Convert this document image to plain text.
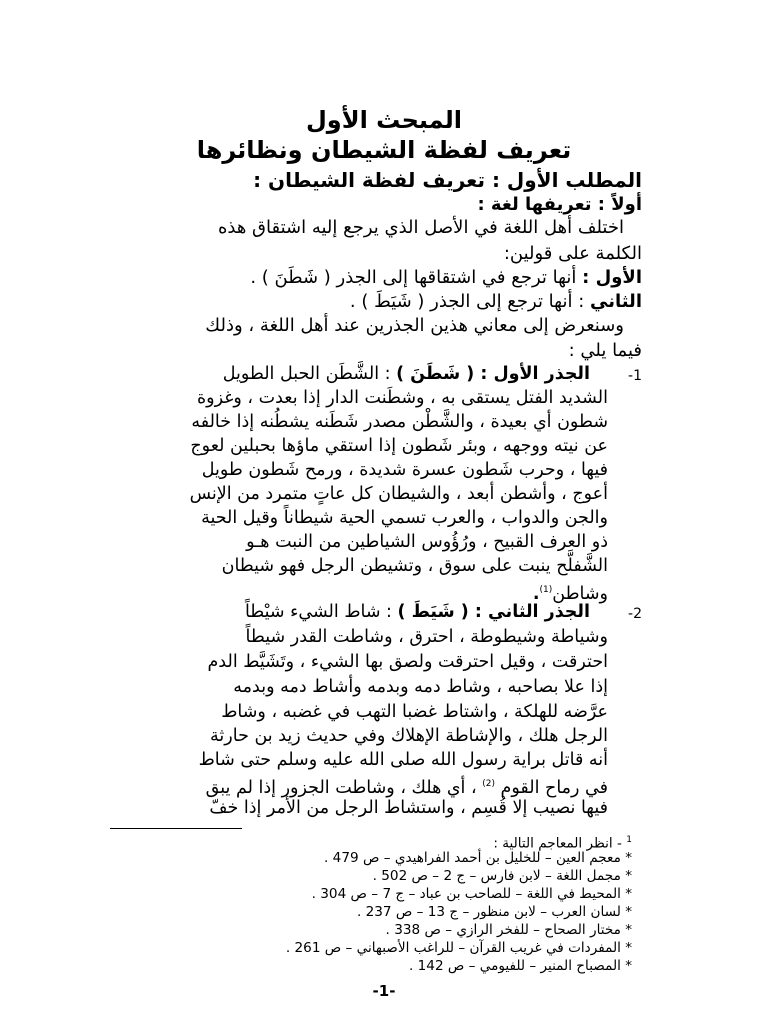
المبحث الأول
تعريف لفظة الشيطان ونظائرها
المطلب الأول : تعريف لفظة الشيطان :
أولاً : تعريفها لغة :
اختلف أهل اللغة في الأصل الذي يرجع إليه اشتقاق هذه
الكلمة على قولين:
الأول : أنها ترجع في اشتقاقها إلى الجذر ( شَطَنَ ) .
الثاني : أنها ترجع إلى الجذر ( شَيَطَ ) .
وسنعرض إلى معاني هذين الجذرين عند أهل اللغة ، وذلك
فيما يلي :
-1
الجذر الأول : ( شَطَنَ ) : الشَّطَن الحبل الطويل
الشديد الفتل يستقى به ، وشطَنت الدار إذا بعدت ، وغزوة
شطون أي بعيدة ، والشَّطْن مصدر شَطَنه يشطُنه إذا خالفه
عن نيته ووجهه ، وبئر شَطون إذا استقي ماؤها بحبلين لعوج
فيها ، وحرب شَطون عسرة شديدة ، ورمح شَطون طويل
أعوج ، وأشطن أبعد ، والشيطان كل عاتٍ متمرد من الإنس
والجن والدواب ، والعرب تسمي الحية شيطاناً وقيل الحية
ذو العرف القبيح ، ورُؤُوس الشياطين من النبت هـو
الشَّفلَّح ينبت على سوق ، وتشيطن الرجل فهو شيطان
وشاطن$^{(1)}$.
-2
الجذر الثاني : ( شَيَطَ ) : شاط الشيء شيْطاً
وشياطة وشيطوطة ، احترق ، وشاطت القدر شيطاً
احترقت ، وقيل احترقت ولصق بها الشيء ، وتَشَيَّط الدم
إذا علا بصاحبه ، وشاط دمه وبدمه وأشاط دمه وبدمه
عرَّضه للهلكة ، واشتاط غضبا التهب في غضبه ، وشاط
الرجل هلك ، والإشاطة الإهلاك وفي حديث زيد بن حارثة
أنه قاتل براية رسول الله صلى الله عليه وسلم حتى شاط
في رماح القوم $^{(2)}$ ، أي هلك ، وشاطت الجزور إذا لم يبق
فيها نصيب إلا قُسِم ، واستشاط الرجل من الأمر إذا خفّ
$^1$ - انظر المعاجم التالية :
* معجم العين – للخليل بن أحمد الفراهيدي – ص 479 .
* مجمل اللغة – لابن فارس – ج 2 – ص 502 .
* المحيط في اللغة – للصاحب بن عباد – ج 7 – ص 304 .
* لسان العرب – لابن منظور – ج 13 – ص 237 .
* مختار الصحاح – للفخر الرازي – ص 338 .
* المفردات في غريب القرآن – للراغب الأصبهاني – ص 261 .
* المصباح المنير – للفيومي – ص 142 .
-1-
